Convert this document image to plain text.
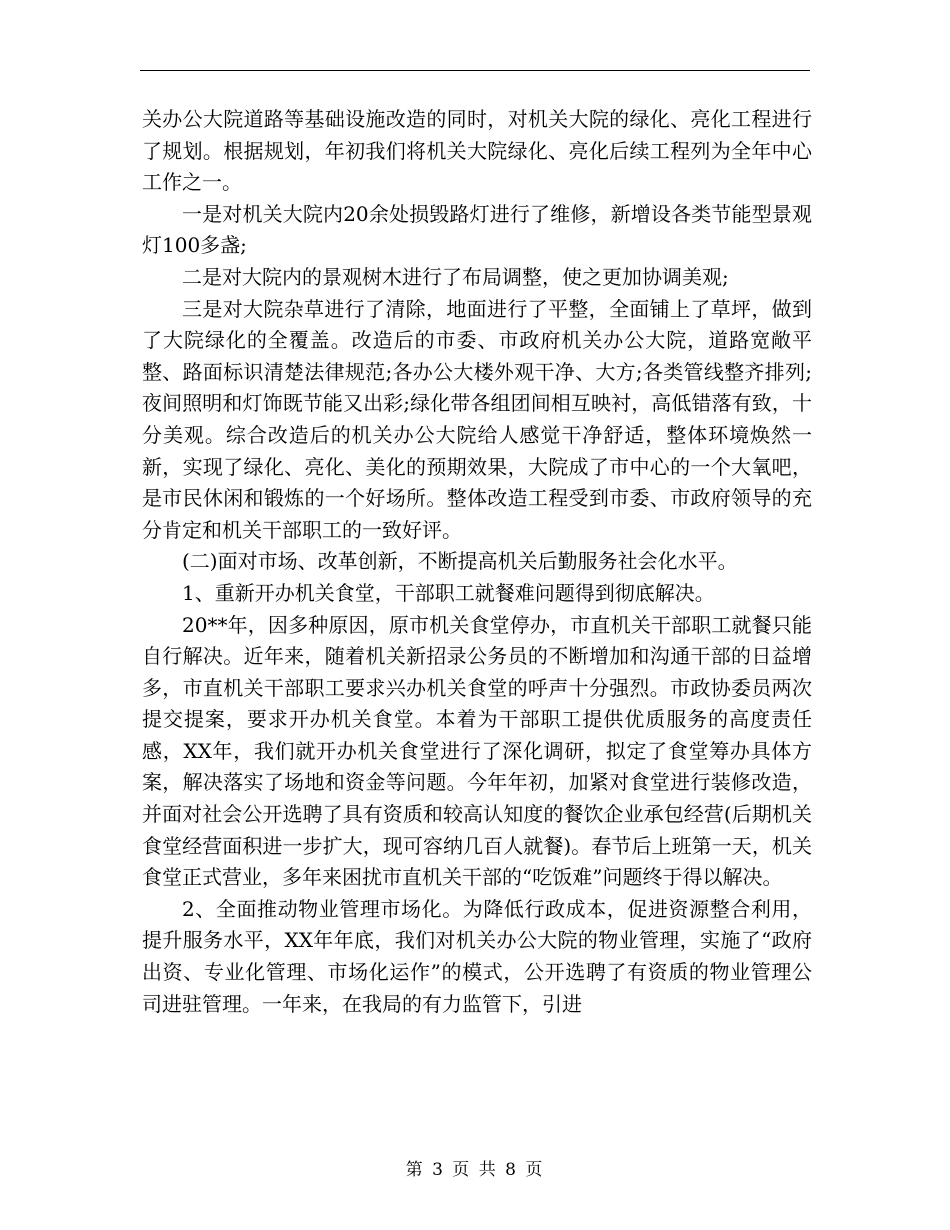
关办公大院道路等基础设施改造的同时，对机关大院的绿化、亮化工程进行了规划。根据规划，年初我们将机关大院绿化、亮化后续工程列为全年中心工作之一。

一是对机关大院内20余处损毁路灯进行了维修，新增设各类节能型景观灯100多盏;

二是对大院内的景观树木进行了布局调整，使之更加协调美观;

三是对大院杂草进行了清除，地面进行了平整，全面铺上了草坪，做到了大院绿化的全覆盖。改造后的市委、市政府机关办公大院，道路宽敞平整、路面标识清楚法律规范;各办公大楼外观干净、大方;各类管线整齐排列;夜间照明和灯饰既节能又出彩;绿化带各组团间相互映衬，高低错落有致，十分美观。综合改造后的机关办公大院给人感觉干净舒适，整体环境焕然一新，实现了绿化、亮化、美化的预期效果，大院成了市中心的一个大氧吧，是市民休闲和锻炼的一个好场所。整体改造工程受到市委、市政府领导的充分肯定和机关干部职工的一致好评。

(二)面对市场、改革创新，不断提高机关后勤服务社会化水平。

1、重新开办机关食堂，干部职工就餐难问题得到彻底解决。

20**年，因多种原因，原市机关食堂停办，市直机关干部职工就餐只能自行解决。近年来，随着机关新招录公务员的不断增加和沟通干部的日益增多，市直机关干部职工要求兴办机关食堂的呼声十分强烈。市政协委员两次提交提案，要求开办机关食堂。本着为干部职工提供优质服务的高度责任感，XX年，我们就开办机关食堂进行了深化调研，拟定了食堂筹办具体方案，解决落实了场地和资金等问题。今年年初，加紧对食堂进行装修改造，并面对社会公开选聘了具有资质和较高认知度的餐饮企业承包经营(后期机关食堂经营面积进一步扩大，现可容纳几百人就餐)。春节后上班第一天，机关食堂正式营业，多年来困扰市直机关干部的“吃饭难”问题终于得以解决。

2、全面推动物业管理市场化。为降低行政成本，促进资源整合利用，提升服务水平，XX年年底，我们对机关办公大院的物业管理，实施了“政府出资、专业化管理、市场化运作”的模式，公开选聘了有资质的物业管理公司进驻管理。一年来，在我局的有力监管下，引进

第 3 页 共 8 页
